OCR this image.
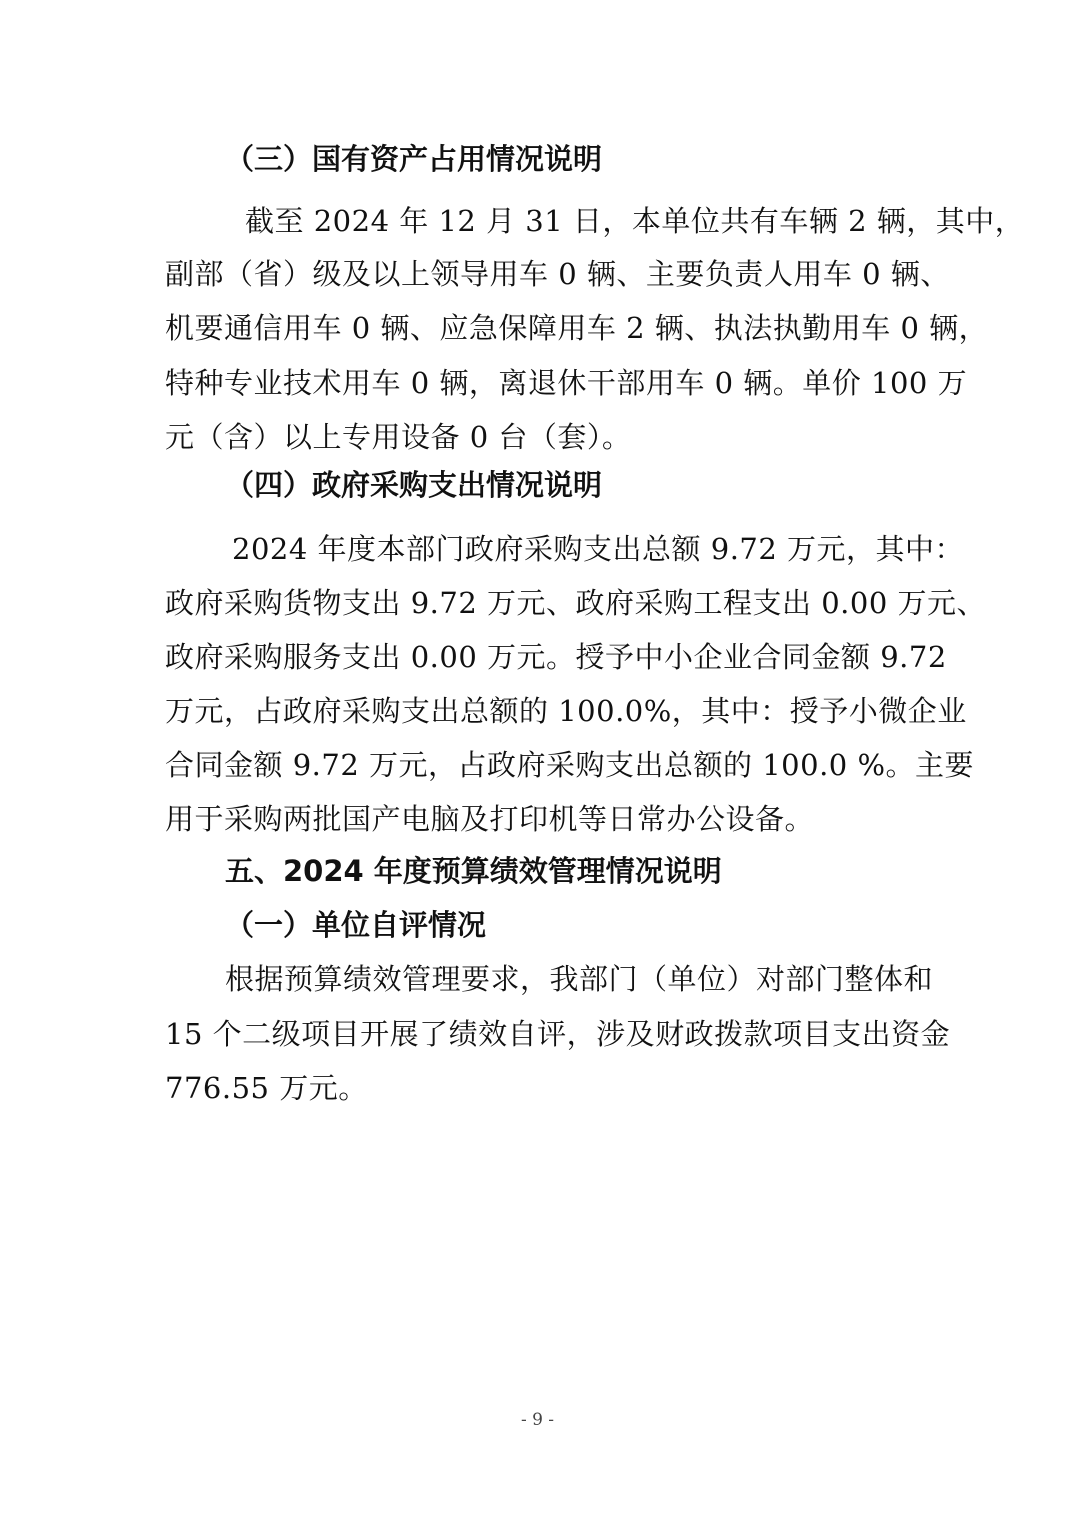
（三）国有资产占用情况说明
截至 2024 年 12 月 31 日，本单位共有车辆 2 辆，其中，
副部（省）级及以上领导用车 0 辆、主要负责人用车 0 辆、
机要通信用车 0 辆、应急保障用车 2 辆、执法执勤用车 0 辆，
特种专业技术用车 0 辆，离退休干部用车 0 辆。单价 100 万
元（含）以上专用设备 0 台（套）。
（四）政府采购支出情况说明
2024 年度本部门政府采购支出总额 9.72 万元，其中：
政府采购货物支出 9.72 万元、政府采购工程支出 0.00 万元、
政府采购服务支出 0.00 万元。授予中小企业合同金额 9.72
万元，占政府采购支出总额的 100.0%，其中：授予小微企业
合同金额 9.72 万元，占政府采购支出总额的 100.0 %。主要
用于采购两批国产电脑及打印机等日常办公设备。
五、2024 年度预算绩效管理情况说明
（一）单位自评情况
根据预算绩效管理要求，我部门（单位）对部门整体和
15 个二级项目开展了绩效自评，涉及财政拨款项目支出资金
776.55 万元。
- 9 -
